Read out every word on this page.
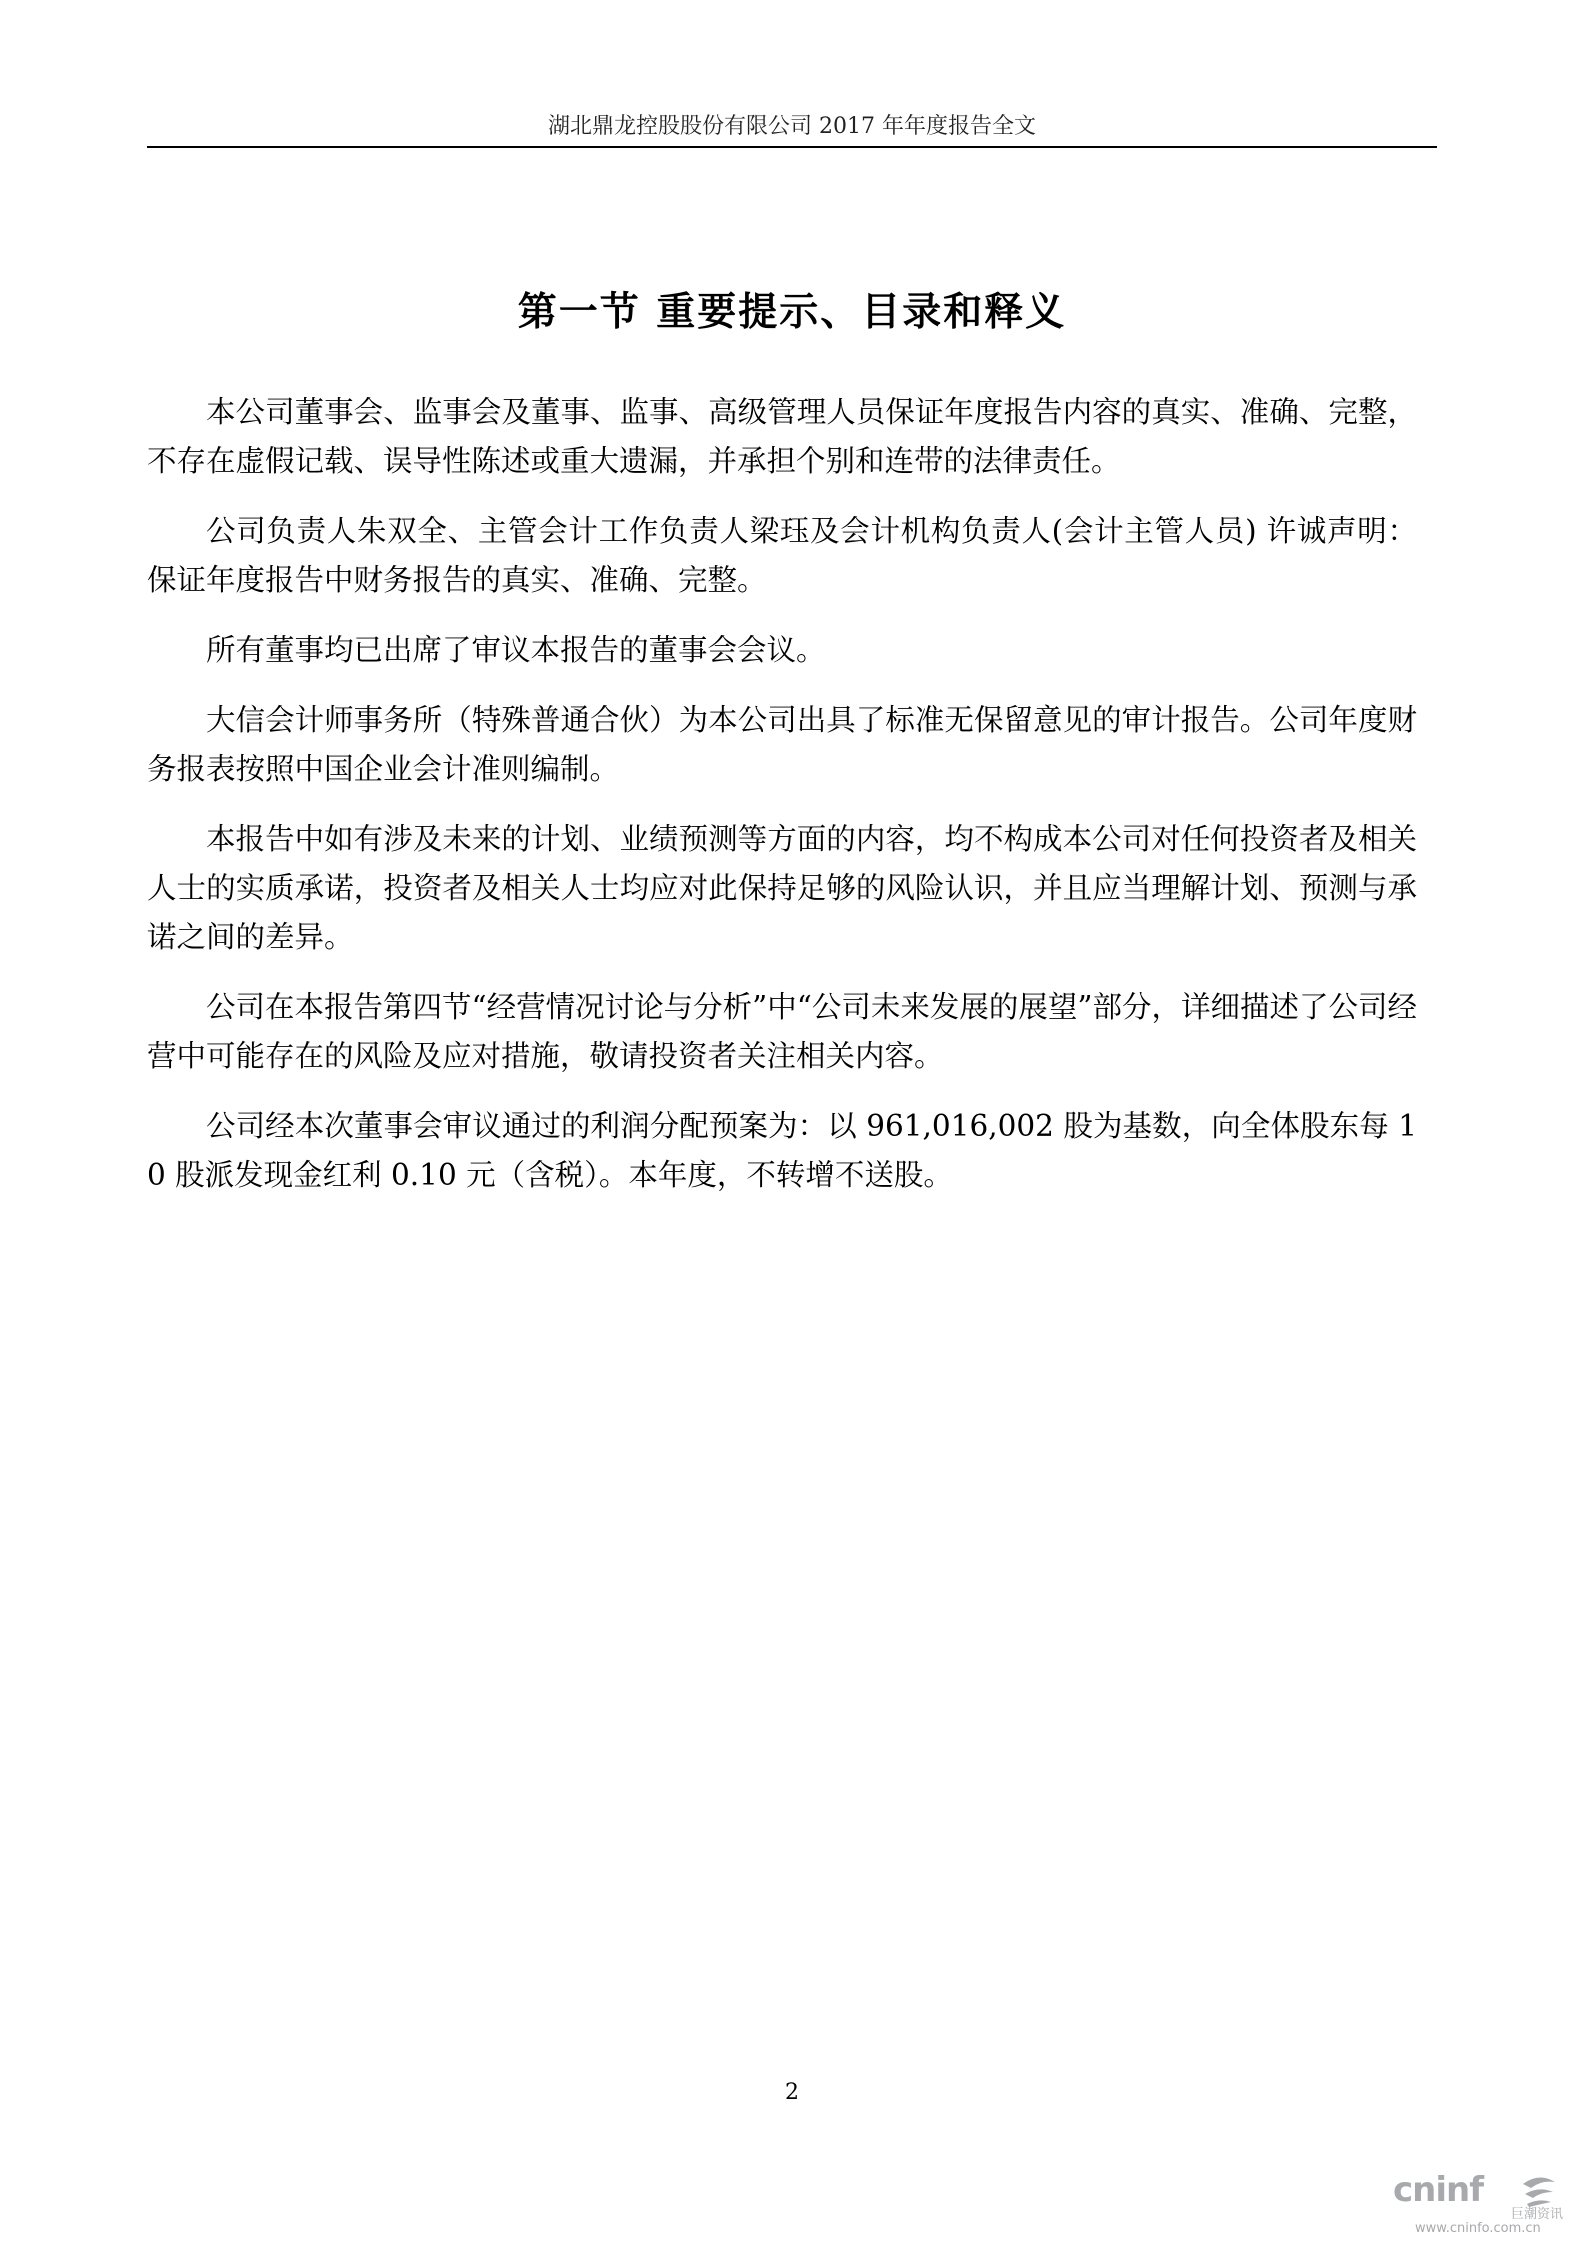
湖北鼎龙控股股份有限公司 2017 年年度报告全文
第一节 重要提示、目录和释义

本公司董事会、监事会及董事、监事、高级管理人员保证年度报告内容的真实、准确、完整，不存在虚假记载、误导性陈述或重大遗漏，并承担个别和连带的法律责任。

公司负责人朱双全、主管会计工作负责人梁珏及会计机构负责人(会计主管人员) 许诚声明：保证年度报告中财务报告的真实、准确、完整。

所有董事均已出席了审议本报告的董事会会议。

大信会计师事务所（特殊普通合伙）为本公司出具了标准无保留意见的审计报告。公司年度财务报表按照中国企业会计准则编制。

本报告中如有涉及未来的计划、业绩预测等方面的内容，均不构成本公司对任何投资者及相关人士的实质承诺，投资者及相关人士均应对此保持足够的风险认识，并且应当理解计划、预测与承诺之间的差异。

公司在本报告第四节“经营情况讨论与分析”中“公司未来发展的展望”部分，详细描述了公司经营中可能存在的风险及应对措施，敬请投资者关注相关内容。

公司经本次董事会审议通过的利润分配预案为：以 961,016,002 股为基数，向全体股东每 10 股派发现金红利 0.10 元（含税）。本年度，不转增不送股。

2
cninf
巨潮资讯
www.cninfo.com.cn
